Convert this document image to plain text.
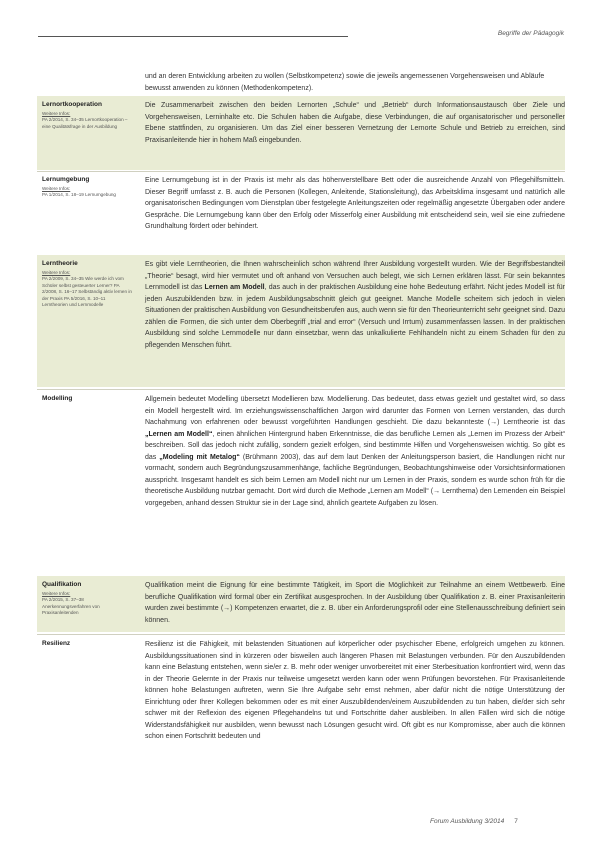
Begriffe der Pädagogik
und an deren Entwicklung arbeiten zu wollen (Selbstkompetenz) sowie die jeweils angemessenen Vorgehensweisen und Abläufe bewusst anwenden zu können (Methodenkompetenz).
Lernortkooperation
Weitere Infos:
PA 2/2014, S. 34–35 Lernortkooperation – eine Qualitätsfrage in der Ausbildung

Die Zusammenarbeit zwischen den beiden Lernorten „Schule“ und „Betrieb“ durch Informationsaustausch über Ziele und Vorgehensweisen, Lerninhalte etc. Die Schulen haben die Aufgabe, diese Verbindungen, die auf organisatorischer und personeller Ebene stattfinden, zu organisieren. Um das Ziel einer besseren Vernetzung der Lernorte Schule und Betrieb zu erreichen, sind Praxisanleitende hier in hohem Maß eingebunden.

Lernumgebung
Weitere Infos:
PA 1/2014, S. 18–19 Lernumgebung

Eine Lernumgebung ist in der Praxis ist mehr als das höhenverstellbare Bett oder die ausreichende Anzahl von Pflegehilfsmitteln. Dieser Begriff umfasst z. B. auch die Personen (Kollegen, Anleitende, Stationsleitung), das Arbeitsklima insgesamt und natürlich alle organisatorischen Bedingungen vom Dienstplan über festgelegte Anleitungszeiten oder regelmäßig angesetzte Übergaben oder andere Gespräche. Die Lernumgebung kann über den Erfolg oder Misserfolg einer Ausbildung mit entscheidend sein, weil sie eine zufriedene Grundhaltung fördert oder behindert.

Lerntheorie
Weitere Infos:
PA 2/2009, S. 34–35 Wie werde ich vom Schüler selbst gesteuerter Lerner? PA 2/2008, S. 16–17 Selbständig aktiv lernen in der Praxis PA 5/2016, S. 10–11 Lerntheorien und Lernmodelle

Es gibt viele Lerntheorien, die Ihnen wahrscheinlich schon während Ihrer Ausbildung vorgestellt wurden. Wie der Begriffsbestandteil „Theorie“ besagt, wird hier vermutet und oft anhand von Versuchen auch belegt, wie sich Lernen erklären lässt. Für sein bekanntes Lernmodell ist das Lernen am Modell, das auch in der praktischen Ausbildung eine hohe Bedeutung erfährt. Nicht jedes Modell ist für jeden Auszubildenden bzw. in jedem Ausbildungsabschnitt gleich gut geeignet. Manche Modelle scheitern sich jedoch in vielen Situationen der praktischen Ausbildung von Gesundheitsberufen aus, auch wenn sie für den Theorieunterricht sehr geeignet sind. Dazu zählen die Formen, die sich unter dem Oberbegriff „trial and error“ (Versuch und Irrtum) zusammenfassen lassen. In der praktischen Ausbildung sind solche Lernmodelle nur dann einsetzbar, wenn das unkalkulierte Fehlhandeln nicht zu einem Schaden für den zu pflegenden Menschen führt.

Modelling	Allgemein bedeutet Modelling übersetzt Modellieren bzw. Modellierung. Das bedeutet, dass etwas gezielt und gestaltet wird, so dass ein Modell hergestellt wird. Im erziehungswissenschaftlichen Jargon wird darunter das Formen von Lernen verstanden, das durch Nachahmung von erfahrenen oder bewusst vorgeführten Handlungen geschieht. Die dazu bekannteste (→) Lerntheorie ist das „Lernen am Modell“, einen ähnlichen Hintergrund haben Erkenntnisse, die das berufliche Lernen als „Lernen im Prozess der Arbeit“ beschreiben. Soll das jedoch nicht zufällig, sondern gezielt erfolgen, sind bestimmte Hilfen und Vorgehensweisen wichtig. So gibt es das „Modeling mit Metalog“ (Brühmann 2003), das auf dem laut Denken der Anleitungsperson basiert, die Handlungen nicht nur vormacht, sondern auch Begründungszusammenhänge, fachliche Begründungen, Beobachtungshinweise oder Vorsichtsinformationen ausspricht. Insgesamt handelt es sich beim Lernen am Modell nicht nur um Lernen in der Praxis, sondern es wurde schon früh für die theoretische Ausbildung nutzbar gemacht. Dort wird durch die Methode „Lernen am Modell“ (→ Lernthema) den Lernenden ein Beispiel vorgegeben, anhand dessen Struktur sie in der Lage sind, ähnlich geartete Aufgaben zu lösen.

Qualifikation
Weitere Infos:
PA 2/2015, S. 37–38 Anerkennungsverfahren von Praxisanleitenden

Qualifikation meint die Eignung für eine bestimmte Tätigkeit, im Sport die Möglichkeit zur Teilnahme an einem Wettbewerb. Eine berufliche Qualifikation wird formal über ein Zertifikat ausgesprochen. In der Ausbildung über Qualifikation z. B. einer Praxisanleiterin wurden zwei bestimmte (→) Kompetenzen erwartet, die z. B. über ein Anforderungsprofil oder eine Stellenausschreibung definiert sein können.

Resilienz	Resilienz ist die Fähigkeit, mit belastenden Situationen auf körperlicher oder psychischer Ebene, erfolgreich umgehen zu können. Ausbildungssituationen sind in kürzeren oder bisweilen auch längeren Phasen mit Belastungen verbunden. Für den Auszubildenden kann eine Belastung entstehen, wenn sie/er z. B. mehr oder weniger unvorbereitet mit einer Sterbesituation konfrontiert wird, wenn das in der Theorie Gelernte in der Praxis nur teilweise umgesetzt werden kann oder wenn Prüfungen bevorstehen. Für Praxisanleitende können hohe Belastungen auftreten, wenn Sie Ihre Aufgabe sehr ernst nehmen, aber dafür nicht die nötige Unterstützung der Einrichtung oder Ihrer Kollegen bekommen oder es mit einer Auszubildenden/einem Auszubildenden zu tun haben, die/der sich sehr schwer mit der Reflexion des eigenen Pflegehandelns tut und Fortschritte daher ausbleiben. In allen Fällen wird sich die nötige Widerstandsfähigkeit nur ausbilden, wenn bewusst nach Lösungen gesucht wird. Oft gibt es nur Kompromisse, aber auch die können schon einen Fortschritt bedeuten und

Forum Ausbildung 3/2014 7
